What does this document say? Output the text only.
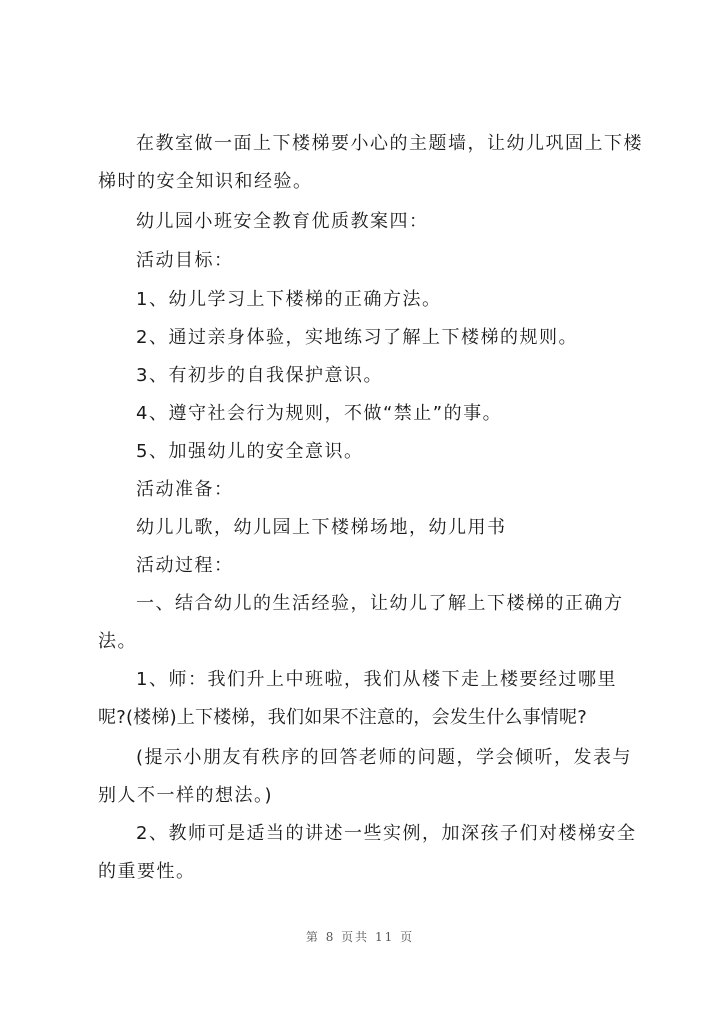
在教室做一面上下楼梯要小心的主题墙，让幼儿巩固上下楼
梯时的安全知识和经验。
幼儿园小班安全教育优质教案四：
活动目标：
1、幼儿学习上下楼梯的正确方法。
2、通过亲身体验，实地练习了解上下楼梯的规则。
3、有初步的自我保护意识。
4、遵守社会行为规则，不做“禁止”的事。
5、加强幼儿的安全意识。
活动准备：
幼儿儿歌，幼儿园上下楼梯场地，幼儿用书
活动过程：
一、结合幼儿的生活经验，让幼儿了解上下楼梯的正确方
法。
1、师：我们升上中班啦，我们从楼下走上楼要经过哪里
呢?(楼梯)上下楼梯，我们如果不注意的，会发生什么事情呢?
(提示小朋友有秩序的回答老师的问题，学会倾听，发表与
别人不一样的想法。)
2、教师可是适当的讲述一些实例，加深孩子们对楼梯安全
的重要性。
第 8 页共 11 页
